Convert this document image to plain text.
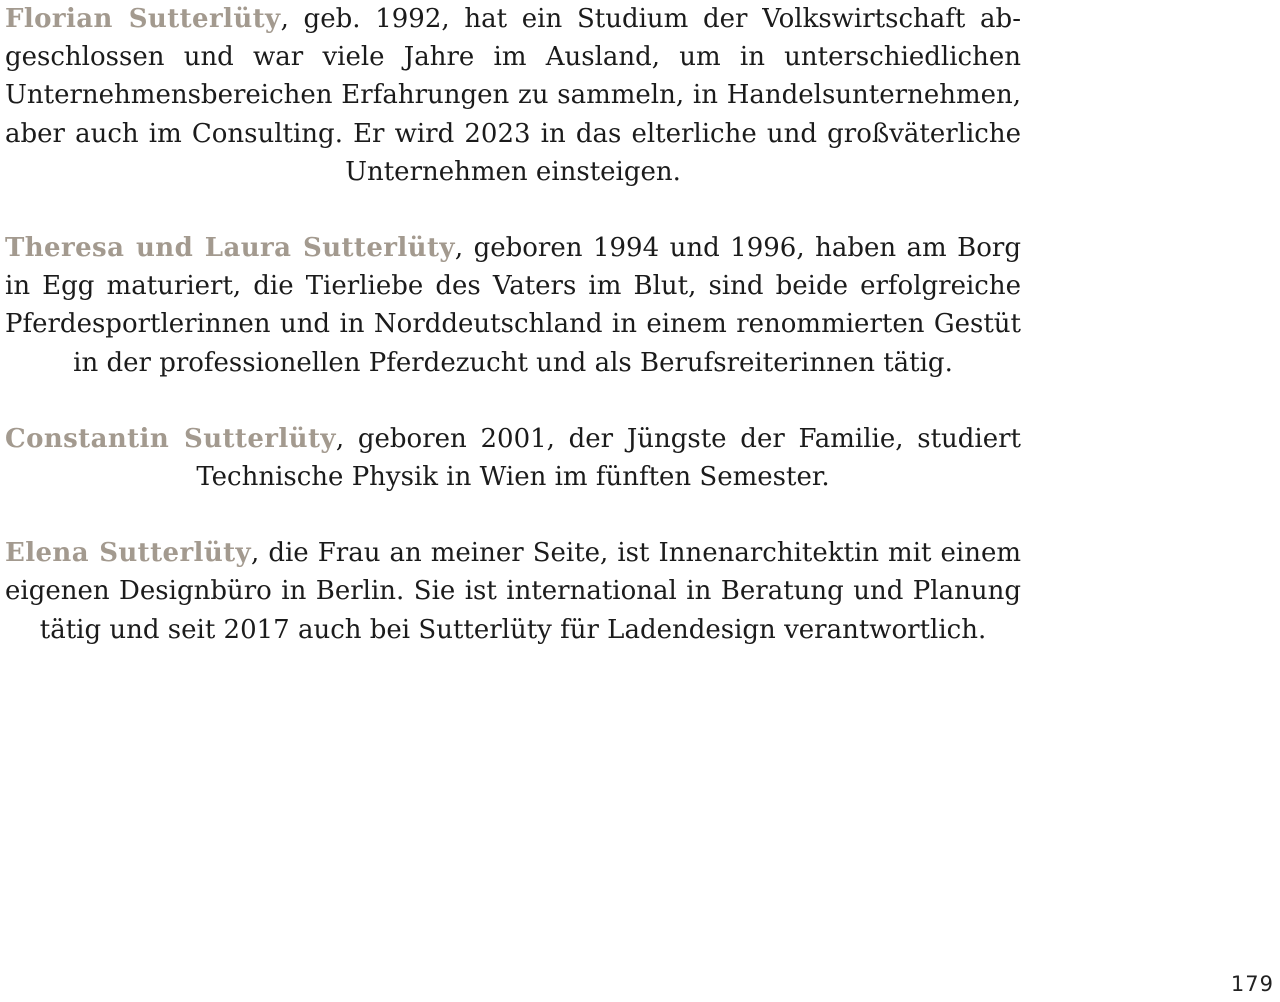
Florian Sutterlüty, geb. 1992, hat ein Studium der Volkswirtschaft abgeschlossen und war viele Jahre im Ausland, um in unterschiedlichen Unternehmensbereichen Erfahrungen zu sammeln, in Handelsunternehmen, aber auch im Consulting. Er wird 2023 in das elterliche und großväterliche Unternehmen einsteigen.

Theresa und Laura Sutterlüty, geboren 1994 und 1996, haben am Borg in Egg maturiert, die Tierliebe des Vaters im Blut, sind beide erfolgreiche Pferdesportlerinnen und in Norddeutschland in einem renommierten Gestüt in der professionellen Pferdezucht und als Berufsreiterinnen tätig.

Constantin Sutterlüty, geboren 2001, der Jüngste der Familie, studiert Technische Physik in Wien im fünften Semester.

Elena Sutterlüty, die Frau an meiner Seite, ist Innenarchitektin mit einem eigenen Designbüro in Berlin. Sie ist international in Beratung und Planung tätig und seit 2017 auch bei Sutterlüty für Ladendesign verantwortlich.

179
